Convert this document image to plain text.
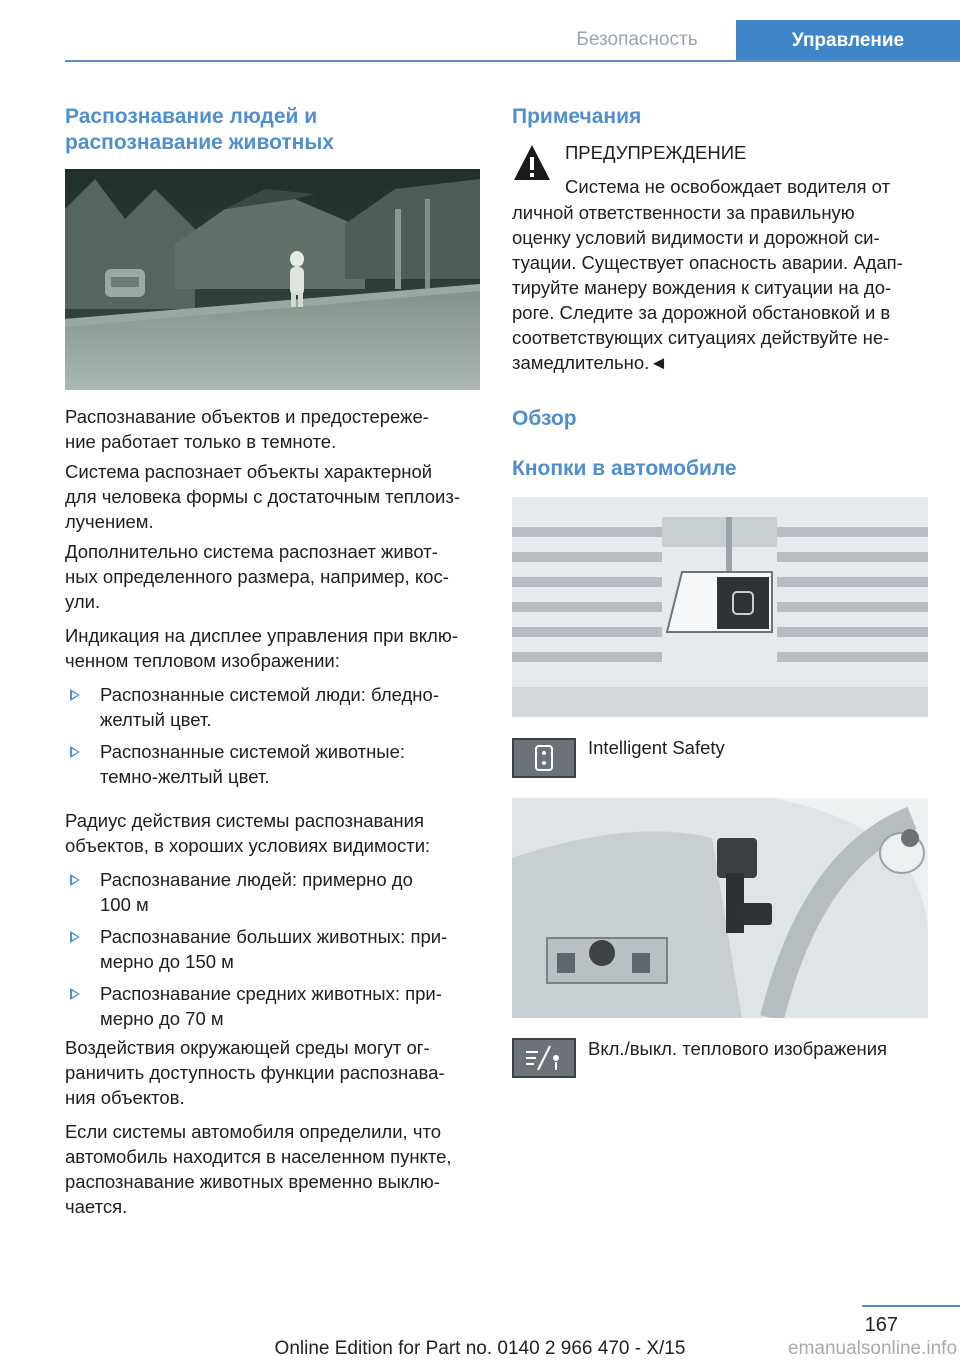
Безопасность	Управление
Распознавание людей и
распознавание животных
Распознавание объектов и предостереже-
ние работает только в темноте.
Система распознает объекты характерной
для человека формы с достаточным теплоиз-
лучением.
Дополнительно система распознает живот-
ных определенного размера, например, кос-
ули.
Индикация на дисплее управления при вклю-
ченном тепловом изображении:
Распознанные системой люди: бледно-
желтый цвет.
Распознанные системой животные:
темно-желтый цвет.
Радиус действия системы распознавания
объектов, в хороших условиях видимости:
Распознавание людей: примерно до
100 м
Распознавание больших животных: при-
мерно до 150 м
Распознавание средних животных: при-
мерно до 70 м
Воздействия окружающей среды могут ог-
раничить доступность функции распознава-
ния объектов.
Если системы автомобиля определили, что
автомобиль находится в населенном пункте,
распознавание животных временно выклю-
чается.
Примечания
ПРЕДУПРЕЖДЕНИЕ
Система не освобождает водителя от
личной ответственности за правильную
оценку условий видимости и дорожной си-
туации. Существует опасность аварии. Адап-
тируйте манеру вождения к ситуации на до-
роге. Следите за дорожной обстановкой и в
соответствующих ситуациях действуйте не-
замедлительно.◄
Обзор
Кнопки в автомобиле
Intelligent Safety
Вкл./выкл. теплового изображения
167
Online Edition for Part no. 0140 2 966 470 - X/15	emanualsonline.info
